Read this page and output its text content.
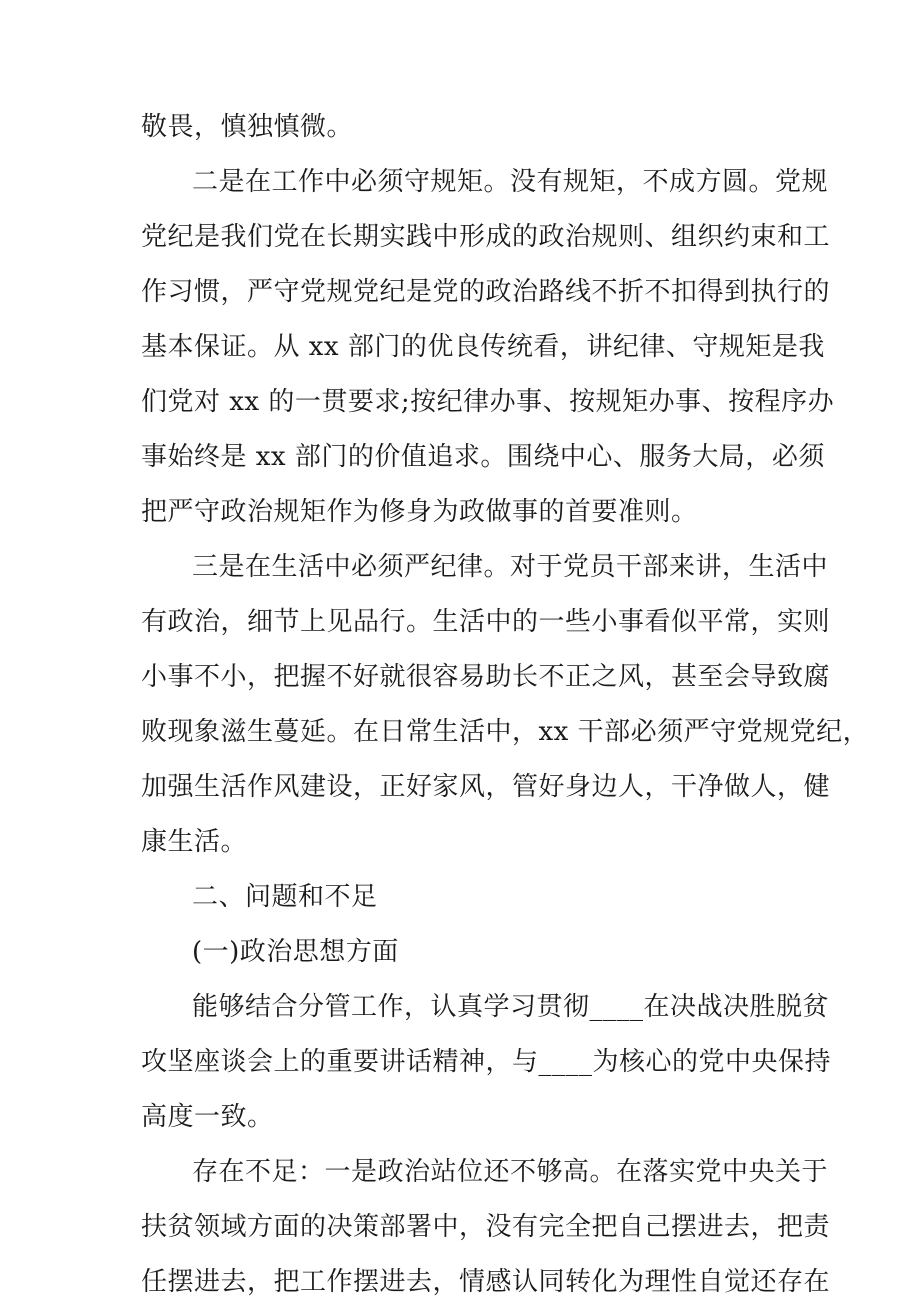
敬畏，慎独慎微。
二是在工作中必须守规矩。没有规矩，不成方圆。党规
党纪是我们党在长期实践中形成的政治规则、组织约束和工
作习惯，严守党规党纪是党的政治路线不折不扣得到执行的
基本保证。从 xx 部门的优良传统看，讲纪律、守规矩是我
们党对 xx 的一贯要求;按纪律办事、按规矩办事、按程序办
事始终是 xx 部门的价值追求。围绕中心、服务大局，必须
把严守政治规矩作为修身为政做事的首要准则。
三是在生活中必须严纪律。对于党员干部来讲，生活中
有政治，细节上见品行。生活中的一些小事看似平常，实则
小事不小，把握不好就很容易助长不正之风，甚至会导致腐
败现象滋生蔓延。在日常生活中，xx 干部必须严守党规党纪，
加强生活作风建设，正好家风，管好身边人，干净做人，健
康生活。
二、问题和不足
(一)政治思想方面
能够结合分管工作，认真学习贯彻____在决战决胜脱贫
攻坚座谈会上的重要讲话精神，与____为核心的党中央保持
高度一致。
存在不足：一是政治站位还不够高。在落实党中央关于
扶贫领域方面的决策部署中，没有完全把自己摆进去，把责
任摆进去，把工作摆进去，情感认同转化为理性自觉还存在
